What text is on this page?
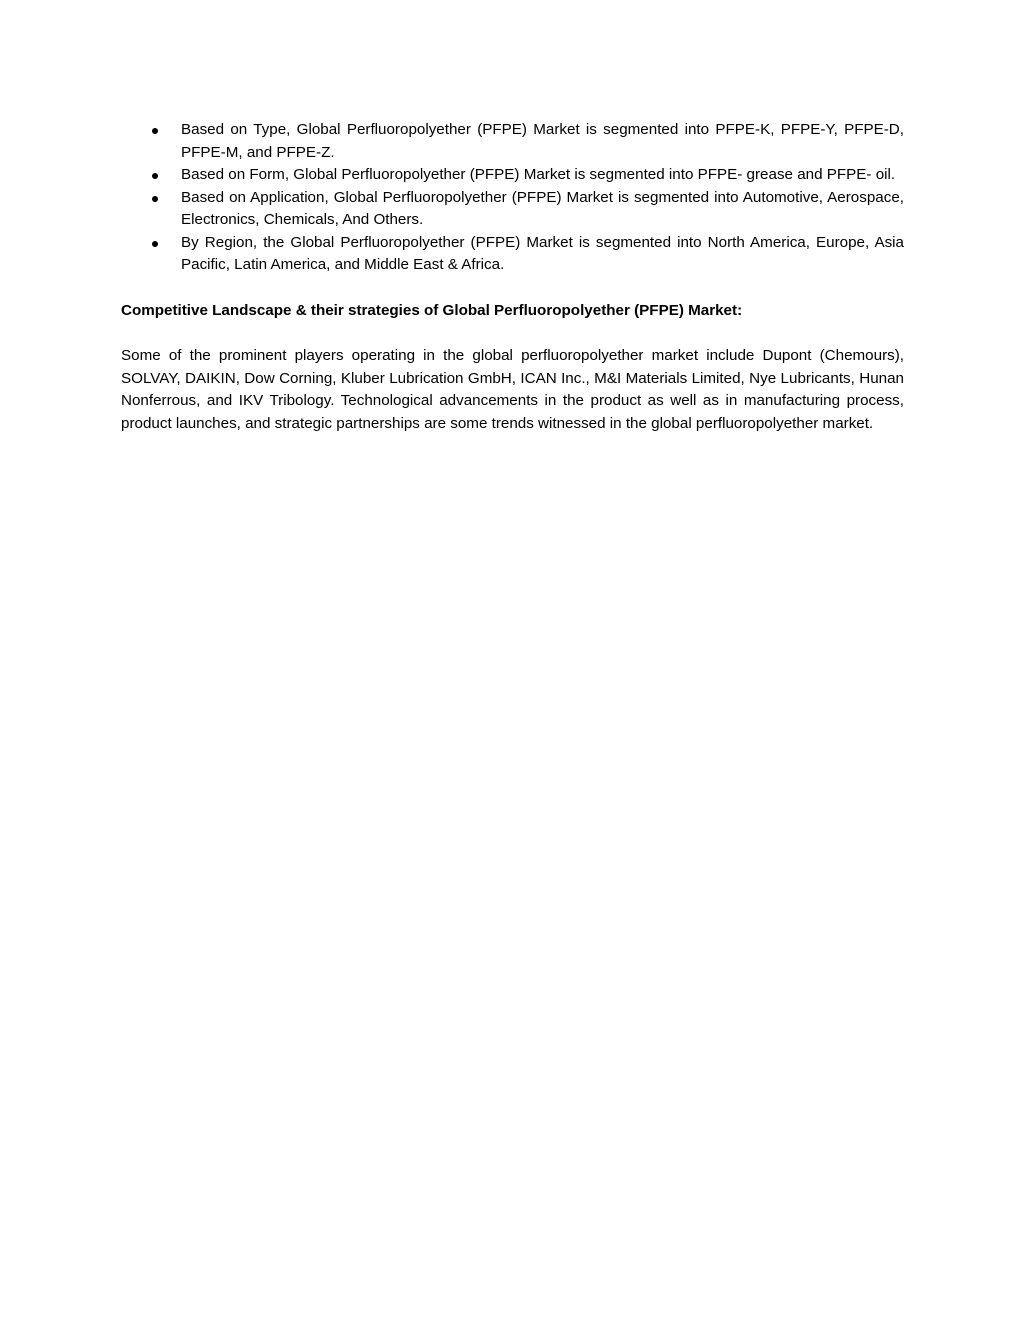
Based on Type, Global Perfluoropolyether (PFPE) Market is segmented into PFPE-K, PFPE-Y, PFPE-D, PFPE-M, and PFPE-Z.
Based on Form, Global Perfluoropolyether (PFPE) Market is segmented into PFPE- grease and PFPE- oil.
Based on Application, Global Perfluoropolyether (PFPE) Market is segmented into Automotive, Aerospace, Electronics, Chemicals, And Others.
By Region, the Global Perfluoropolyether (PFPE) Market is segmented into North America, Europe, Asia Pacific, Latin America, and Middle East & Africa.

Competitive Landscape & their strategies of Global Perfluoropolyether (PFPE) Market:

Some of the prominent players operating in the global perfluoropolyether market include Dupont (Chemours), SOLVAY, DAIKIN, Dow Corning, Kluber Lubrication GmbH, ICAN Inc., M&I Materials Limited, Nye Lubricants, Hunan Nonferrous, and IKV Tribology. Technological advancements in the product as well as in manufacturing process, product launches, and strategic partnerships are some trends witnessed in the global perfluoropolyether market.
